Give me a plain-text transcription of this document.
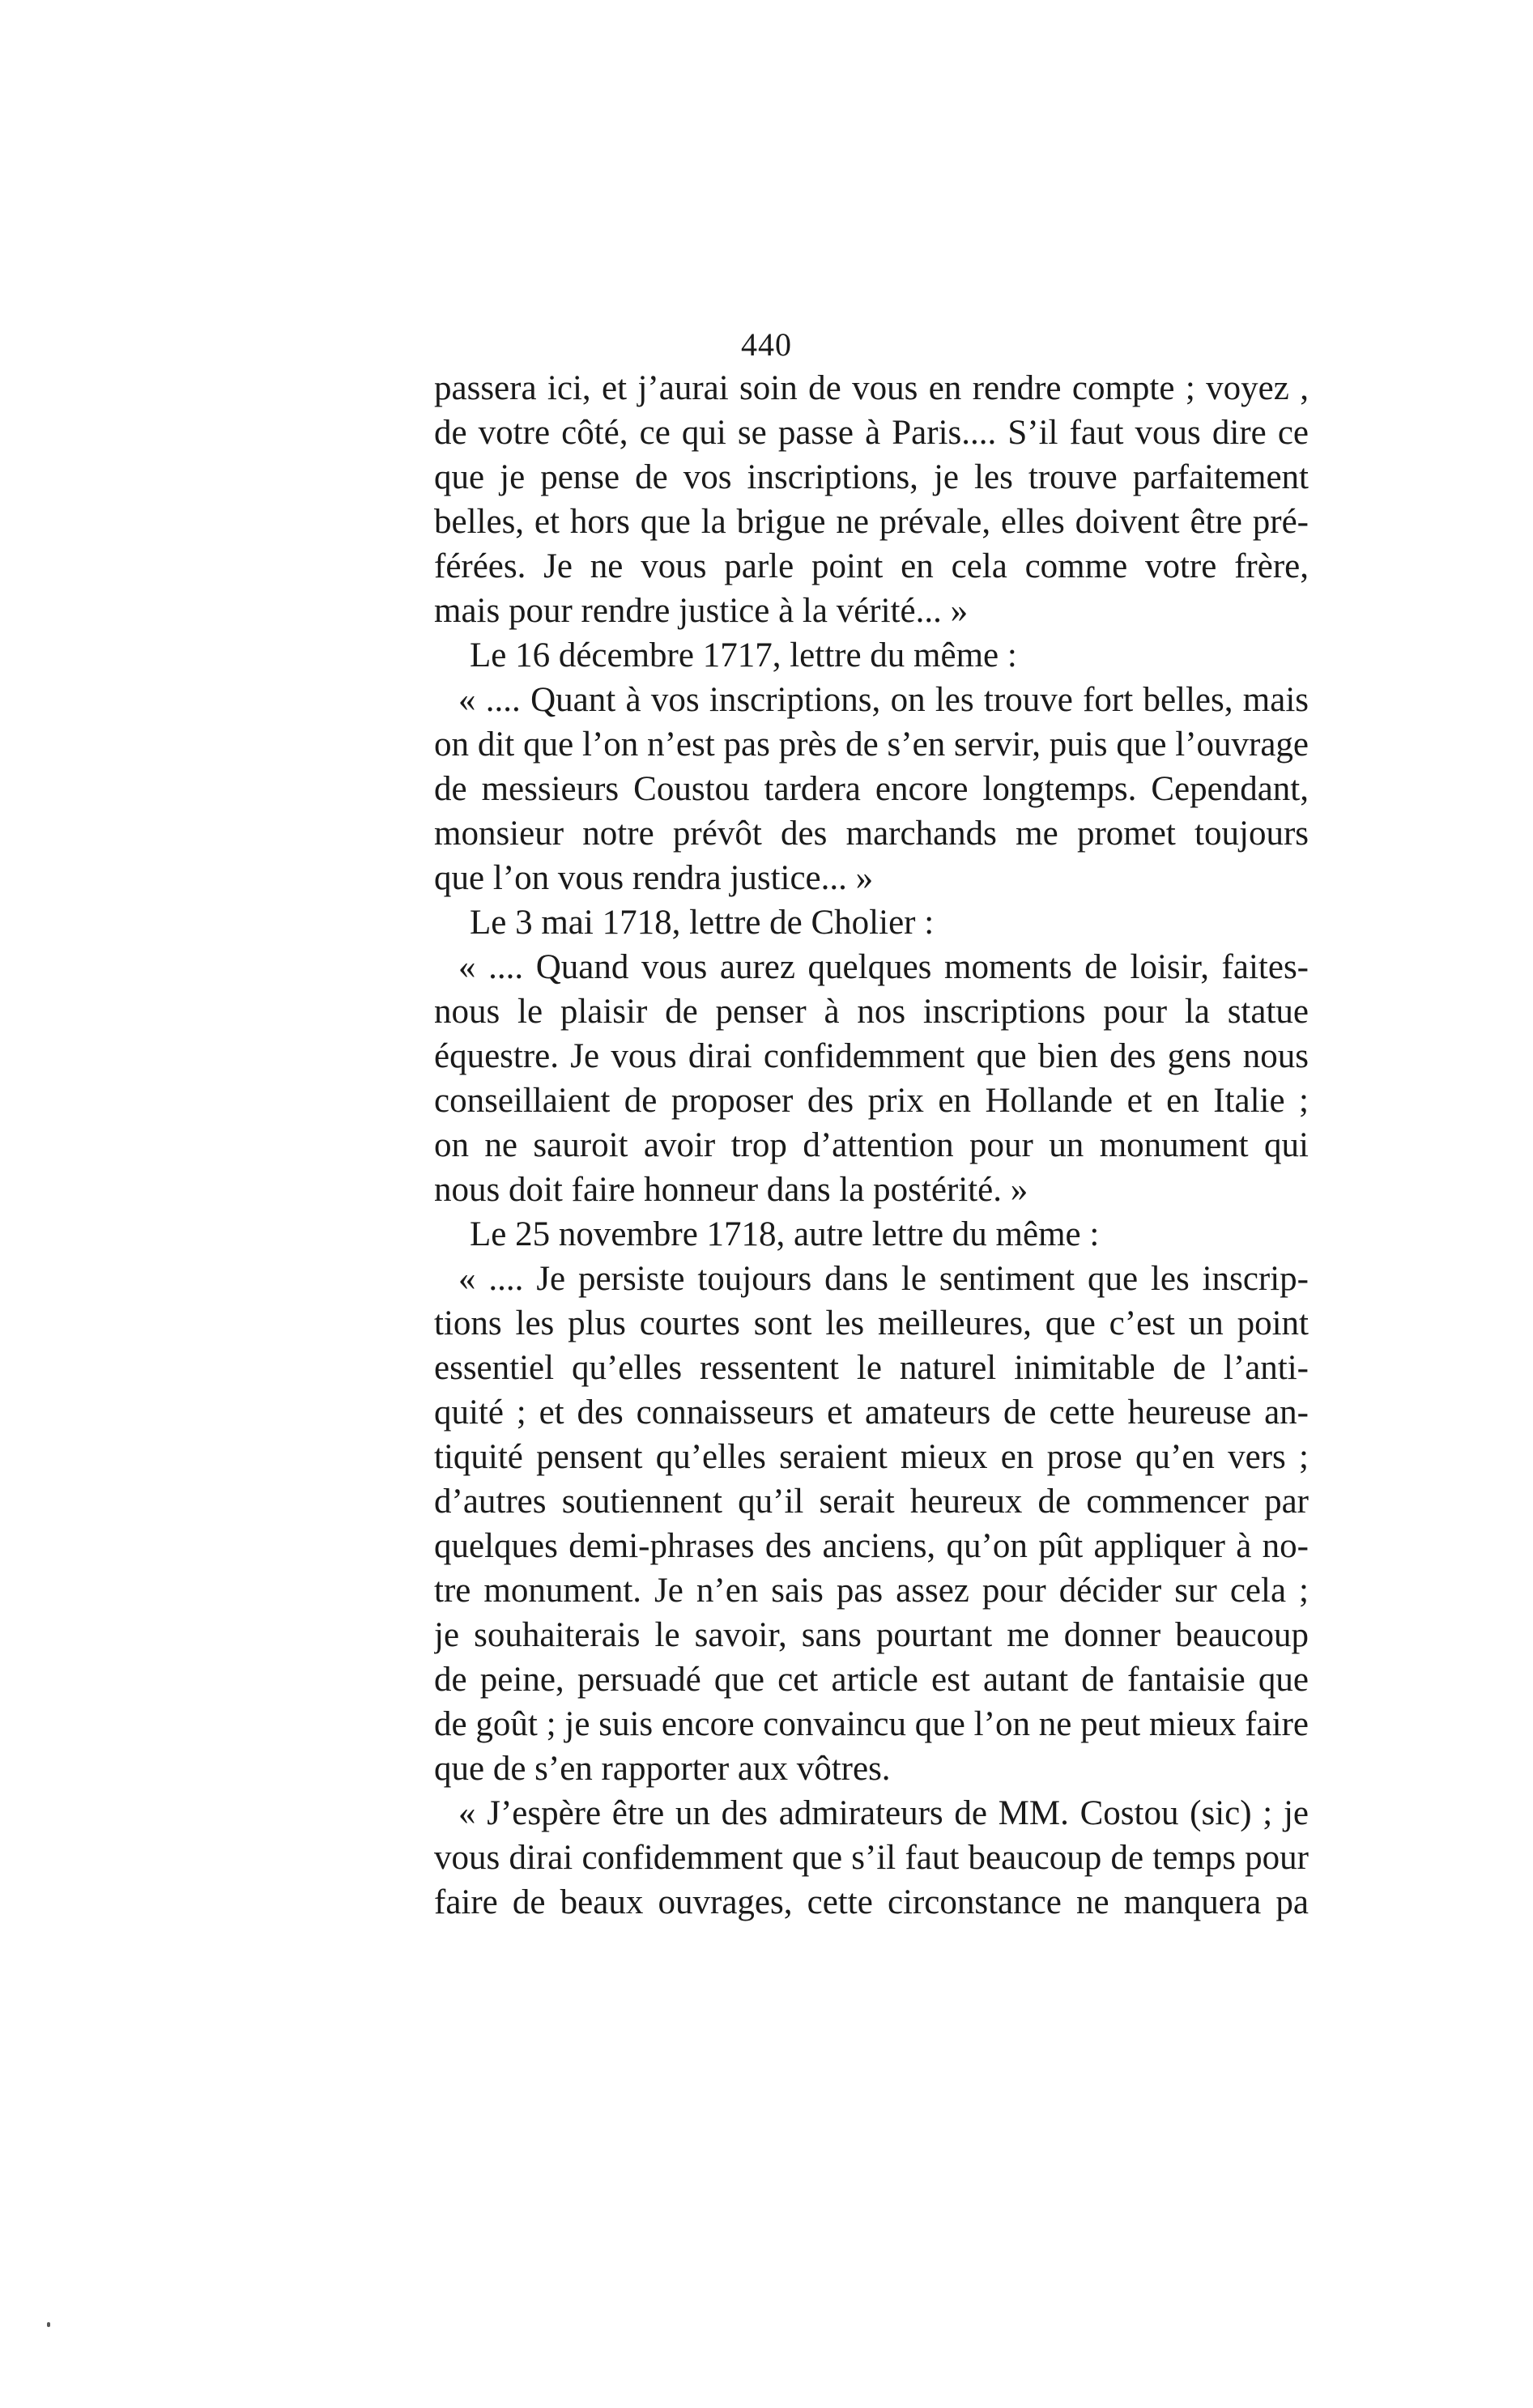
440
passera ici, et j’aurai soin de vous en rendre compte ; voyez ,
de votre côté, ce qui se passe à Paris.... S’il faut vous dire ce
que je pense de vos inscriptions, je les trouve parfaitement
belles, et hors que la brigue ne prévale, elles doivent être pré-
férées. Je ne vous parle point en cela comme votre frère,
mais pour rendre justice à la vérité... »
Le 16 décembre 1717, lettre du même :
« .... Quant à vos inscriptions, on les trouve fort belles, mais
on dit que l’on n’est pas près de s’en servir, puis que l’ouvrage
de messieurs Coustou tardera encore longtemps. Cependant,
monsieur notre prévôt des marchands me promet toujours
que l’on vous rendra justice... »
Le 3 mai 1718, lettre de Cholier :
« .... Quand vous aurez quelques moments de loisir, faites-
nous le plaisir de penser à nos inscriptions pour la statue
équestre. Je vous dirai confidemment que bien des gens nous
conseillaient de proposer des prix en Hollande et en Italie ;
on ne sauroit avoir trop d’attention pour un monument qui
nous doit faire honneur dans la postérité. »
Le 25 novembre 1718, autre lettre du même :
« .... Je persiste toujours dans le sentiment que les inscrip-
tions les plus courtes sont les meilleures, que c’est un point
essentiel qu’elles ressentent le naturel inimitable de l’anti-
quité ; et des connaisseurs et amateurs de cette heureuse an-
tiquité pensent qu’elles seraient mieux en prose qu’en vers ;
d’autres soutiennent qu’il serait heureux de commencer par
quelques demi-phrases des anciens, qu’on pût appliquer à no-
tre monument. Je n’en sais pas assez pour décider sur cela ;
je souhaiterais le savoir, sans pourtant me donner beaucoup
de peine, persuadé que cet article est autant de fantaisie que
de goût ; je suis encore convaincu que l’on ne peut mieux faire
que de s’en rapporter aux vôtres.
« J’espère être un des admirateurs de MM. Costou (sic) ; je
vous dirai confidemment que s’il faut beaucoup de temps pour
faire de beaux ouvrages, cette circonstance ne manquera pa
